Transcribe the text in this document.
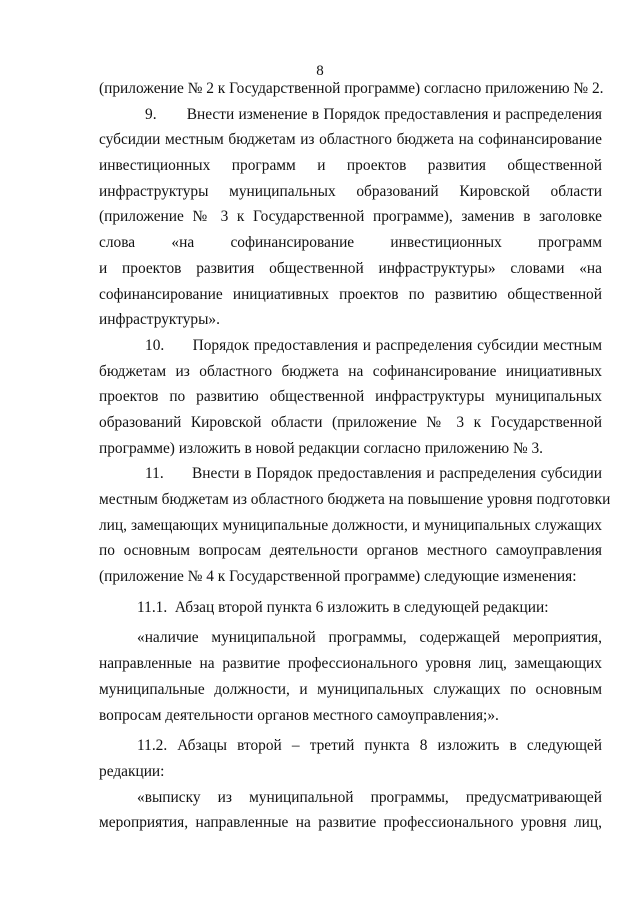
8
(приложение № 2 к Государственной программе) согласно приложению № 2.
9.       Внести изменение в Порядок предоставления и распределения
субсидии местным бюджетам из областного бюджета на софинансирование
инвестиционных программ и проектов развития общественной
инфраструктуры муниципальных образований Кировской области
(приложение № 3 к Государственной программе), заменив в заголовке
слова «на софинансирование инвестиционных программ
и проектов развития общественной инфраструктуры» словами «на
софинансирование инициативных проектов по развитию общественной
инфраструктуры».
10.      Порядок предоставления и распределения субсидии местным
бюджетам из областного бюджета на софинансирование инициативных
проектов по развитию общественной инфраструктуры муниципальных
образований Кировской области (приложение № 3 к Государственной
программе) изложить в новой редакции согласно приложению № 3.
11.      Внести в Порядок предоставления и распределения субсидии
местным бюджетам из областного бюджета на повышение уровня подготовки
лиц, замещающих муниципальные должности, и муниципальных служащих
по основным вопросам деятельности органов местного самоуправления
(приложение № 4 к Государственной программе) следующие изменения:
11.1.  Абзац второй пункта 6 изложить в следующей редакции:
«наличие муниципальной программы, содержащей мероприятия,
направленные на развитие профессионального уровня лиц, замещающих
муниципальные должности, и муниципальных служащих по основным
вопросам деятельности органов местного самоуправления;».
11.2. Абзацы второй – третий пункта 8 изложить в следующей
редакции:
«выписку из муниципальной программы, предусматривающей
мероприятия, направленные на развитие профессионального уровня лиц,
